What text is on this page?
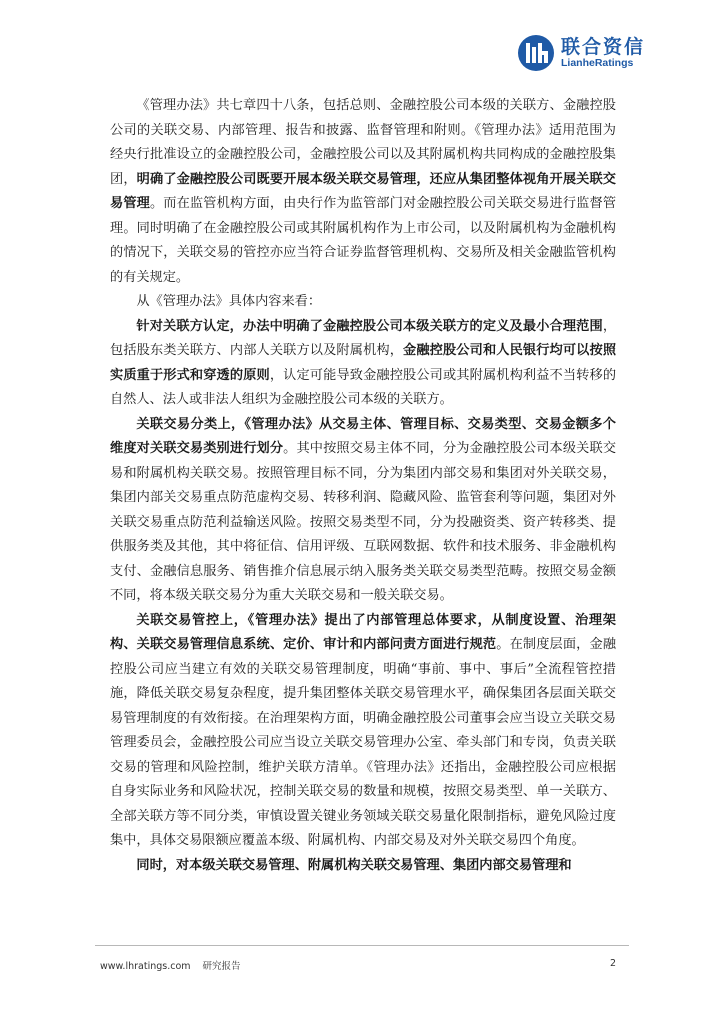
联合资信
LianheRatings

《管理办法》共七章四十八条，包括总则、金融控股公司本级的关联方、金融控股公司的关联交易、内部管理、报告和披露、监督管理和附则。《管理办法》适用范围为经央行批准设立的金融控股公司，金融控股公司以及其附属机构共同构成的金融控股集团，明确了金融控股公司既要开展本级关联交易管理，还应从集团整体视角开展关联交易管理。而在监管机构方面，由央行作为监管部门对金融控股公司关联交易进行监督管理。同时明确了在金融控股公司或其附属机构作为上市公司，以及附属机构为金融机构的情况下，关联交易的管控亦应当符合证券监督管理机构、交易所及相关金融监管机构的有关规定。

从《管理办法》具体内容来看：

针对关联方认定，办法中明确了金融控股公司本级关联方的定义及最小合理范围，包括股东类关联方、内部人关联方以及附属机构，金融控股公司和人民银行均可以按照实质重于形式和穿透的原则，认定可能导致金融控股公司或其附属机构利益不当转移的自然人、法人或非法人组织为金融控股公司本级的关联方。

关联交易分类上，《管理办法》从交易主体、管理目标、交易类型、交易金额多个维度对关联交易类别进行划分。其中按照交易主体不同，分为金融控股公司本级关联交易和附属机构关联交易。按照管理目标不同，分为集团内部交易和集团对外关联交易，集团内部关交易重点防范虚构交易、转移利润、隐藏风险、监管套利等问题，集团对外关联交易重点防范利益输送风险。按照交易类型不同，分为投融资类、资产转移类、提供服务类及其他，其中将征信、信用评级、互联网数据、软件和技术服务、非金融机构支付、金融信息服务、销售推介信息展示纳入服务类关联交易类型范畴。按照交易金额不同，将本级关联交易分为重大关联交易和一般关联交易。

关联交易管控上，《管理办法》提出了内部管理总体要求，从制度设置、治理架构、关联交易管理信息系统、定价、审计和内部问责方面进行规范。在制度层面，金融控股公司应当建立有效的关联交易管理制度，明确“事前、事中、事后”全流程管控措施，降低关联交易复杂程度，提升集团整体关联交易管理水平，确保集团各层面关联交易管理制度的有效衔接。在治理架构方面，明确金融控股公司董事会应当设立关联交易管理委员会，金融控股公司应当设立关联交易管理办公室、牵头部门和专岗，负责关联交易的管理和风险控制，维护关联方清单。《管理办法》还指出，金融控股公司应根据自身实际业务和风险状况，控制关联交易的数量和规模，按照交易类型、单一关联方、全部关联方等不同分类，审慎设置关键业务领域关联交易量化限制指标，避免风险过度集中，具体交易限额应覆盖本级、附属机构、内部交易及对外关联交易四个角度。

同时，对本级关联交易管理、附属机构关联交易管理、集团内部交易管理和

www.lhratings.com 研究报告	2
